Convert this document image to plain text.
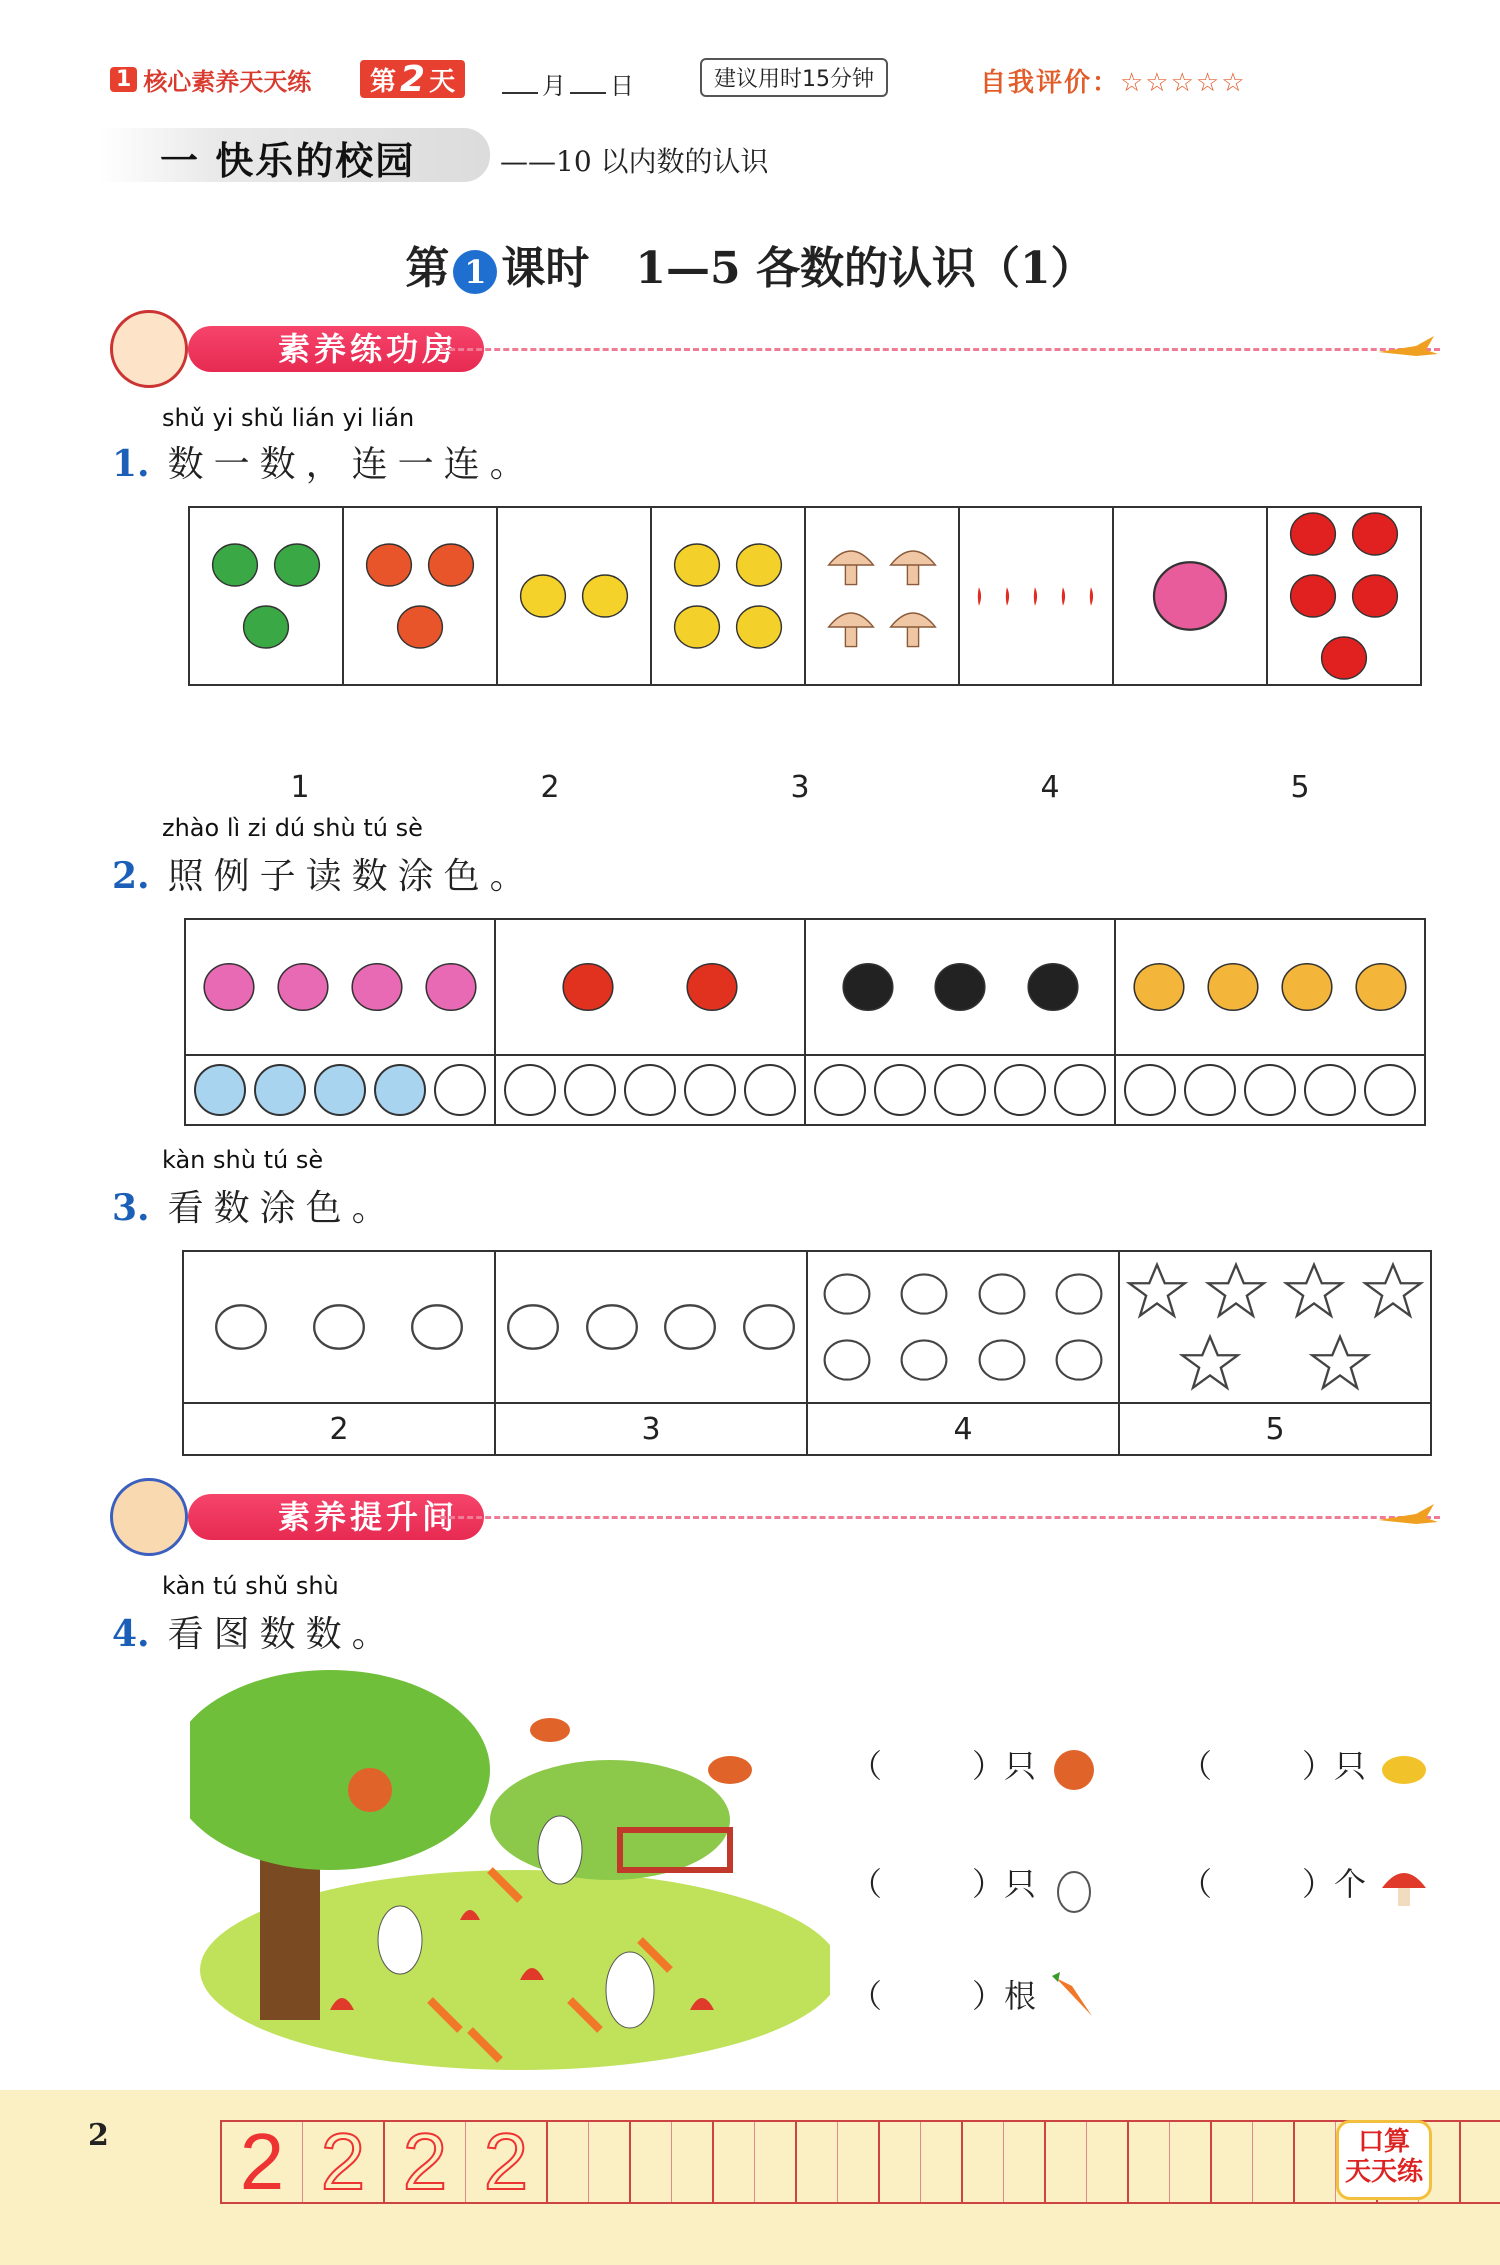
1 核心素养天天练 第 2 天	月 日	建议用时15分钟	自我评价：☆☆☆☆☆
一 快乐的校园	——10 以内数的认识
第 1 课时 1—5 各数的认识（1）
素养练功房
shǔ yi shǔ lián yi lián
1. 数一数，连一连。

1	2	3	4	5
zhào lì zi dú shù tú sè
2. 照例子读数涂色。

kàn shù tú sè
3. 看数涂色。

2	3	4	5
素养提升间
kàn tú shǔ shù
4. 看图数数。
（	）只	（	）只
（	）只	（	）个
（	）根
2 2 2 2 2	口算
天天练
